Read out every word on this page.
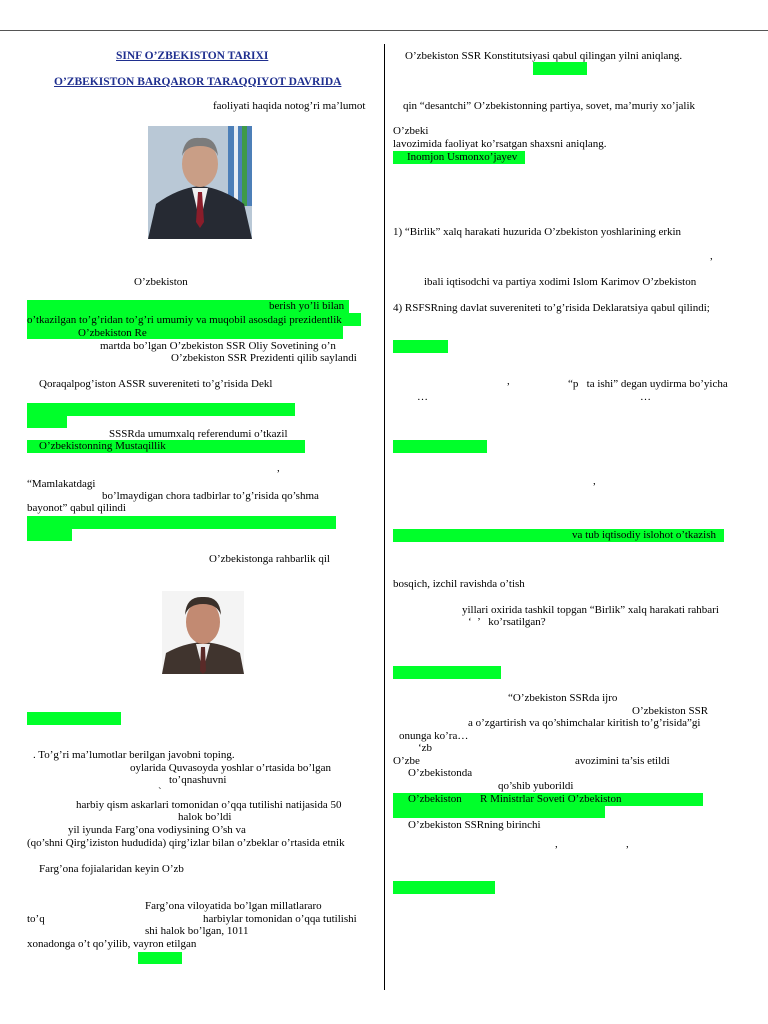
SINF O’ZBEKISTON TARIXI
O’ZBEKISTON BARQAROR TARAQQIYOT DAVRIDA
faoliyati haqida notog’ri ma’lumot
O’zbekiston
berish yo’li bilan
o’tkazilgan to’g’ridan to’g’ri umumiy va muqobil asosdagi prezidentlik
O’zbekiston Re
martda bo’lgan O’zbekiston SSR Oliy Sovetining o’n
O’zbekiston SSR Prezidenti qilib saylandi
Qoraqalpog’iston ASSR suvereniteti to’g’risida Dekl
SSSRda umumxalq referendumi o’tkazil
O’zbekistonning Mustaqillik
,
“Mamlakatdagi
bo’lmaydigan chora tadbirlar to’g’risida qo’shma
bayonot” qabul qilindi
O’zbekistonga rahbarlik qil
. To’g’ri ma’lumotlar berilgan javobni toping.
oylarida Quvasoyda yoshlar o’rtasida bo’lgan
to’qnashuvni
`
harbiy qism askarlari tomonidan o’qqa tutilishi natijasida 50
halok bo’ldi
yil iyunda Farg’ona vodiysining O’sh va
(qo’shni Qirg’iziston hududida) qirg’izlar bilan o’zbeklar o’rtasida etnik
Farg’ona fojialaridan keyin O’zb
Farg’ona viloyatida bo’lgan millatlararo
to’q	harbiylar tomonidan o’qqa tutilishi
shi halok bo’lgan, 1011
xonadonga o’t qo’yilib, vayron etilgan
O’zbekiston SSR Konstitutsiyasi qabul qilingan yilni aniqlang.
qin “desantchi” O’zbekistonning partiya, sovet, ma’muriy xo’jalik
O’zbeki
lavozimida faoliyat ko’rsatgan shaxsni aniqlang.
Inomjon Usmonxo’jayev
1) “Birlik” xalq harakati huzurida O’zbekiston yoshlarining erkin
,
ibali iqtisodchi va partiya xodimi Islom Karimov O’zbekiston
4) RSFSRning davlat suvereniteti to’g’risida Deklaratsiya qabul qilindi;
,	“p   ta ishi” degan uydirma bo’yicha
…	…
,
va tub iqtisodiy islohot o’tkazish
bosqich, izchil ravishda o’tish
yillari oxirida tashkil topgan “Birlik” xalq harakati rahbari
‘  ’   ko’rsatilgan?
“O’zbekiston SSRda ijro
O’zbekiston SSR
a o’zgartirish va qo’shimchalar kiritish to’g’risida”gi
onunga ko’ra…
‘zb
O’zbe	avozimini ta’sis etildi
O’zbekistonda
qo’shib yuborildi
O’zbekiston R Ministrlar Soveti O’zbekiston
O’zbekiston SSRning birinchi
,	,
